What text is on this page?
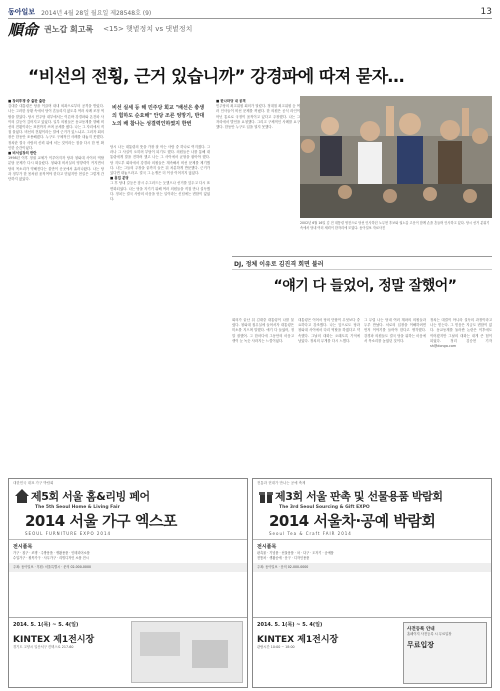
동아일보 2014년 4월 28일 월요일 제28548호 (9)	13
順命 권노갑 회고록 <15> 햇볕정치 vs 댓볕정치
“비선의 전횡, 근거 있습니까” 강경파에 따져 묻자…
■ 장외투쟁 중 출판 출판
김대중 대통령은 당을 이끌며 내내 외곽으로부터 공격을 받았다. 나는 그러한 상황 속에서 당이 흔들리지 않도록 여러 차례 조정 역할을 맡았다. 당시 민주당 내부에서는 이른바 강경파와 온건파 사이의 갈등이 깊어지고 있었다. 일부 의원들은 동교동계를 향해 비선의 전횡이라는 표현까지 쓰며 공세를 폈다. 나는 그 자리에서 직접 물었다. 비선의 전횡이라는 말에 근거가 있느냐고. 그러자 회의장은 한동안 조용해졌다. 누구도 구체적인 사례를 내놓지 못했다. 정치란 결국 사람의 신뢰 위에 서는 것이라는 점을 다시 한 번 확인한 순간이었다.
■ 비서실장의 반란
1998년 이후 정권 교체가 이루어지자 당과 청와대 사이의 역할 분담 문제가 다시 떠올랐다. 청와대 비서실의 영향력이 커지면서 당의 목소리가 약해진다는 불만이 곳곳에서 흘러나왔다. 나는 당과 정부가 한 몸처럼 움직여야 한다고 믿었지만 현실은 그렇게 간단하지 않았다.
당시 나는 대통령의 뜻을 가장 잘 아는 사람 중 하나로 여겨졌다. 그러나 그 사실이 오히려 부담이 되기도 했다. 의원들은 나를 통해 대통령에게 말을 전하려 했고 나는 그 사이에서 균형을 잡아야 했다. 당 지도부 회의에서 강경파 의원들은 계속해서 비선 문제를 제기했다. 나는 그들의 주장을 끝까지 들은 뒤 차분하게 반문했다. 근거가 있다면 내놓으라고. 결국 그 논쟁은 더 이상 이어지지 않았다.
■ 홍업 분당
그 후 당내 갈등은 잠시 수그러드는 듯했으나 선거를 앞두고 다시 표면화되었다. 나는 당을 지키기 위해 여러 의원들을 직접 만나 설득했다. 정치는 결국 사람의 마음을 얻는 일이라는 신념에는 변함이 없었다.
비선 실세 등 해 민주당 회교 "배선은 충생의 힘하도 순요해" 안당 조른 엉망기, 반대노의 배 참나는 성결력인하였지 한번
■ 한나라당 내 공격
민주당의 최고위원 회의가 열렸다. 정대철 최고위원 등 여러 인사들이 비선 문제를 꺼냈다. 한 의원은 공식 라인이 아닌 통로로 국정이 움직이고 있다고 주장했다. 나는 그 자리에서 발언을 요청했다. 그리고 구체적인 사례를 요구했다. 한동안 누구도 입을 열지 못했다.
2002년 6월 16일 김 전 대통령 영전으로 당선 인사하던 노무현 후보와 권노갑 고문이 함께 손을 흔들며 인사하고 있다. 당시 선거 분위기 속에서 당내 여러 세력이 한자리에 모였다. 동아일보 자료사진
DJ, 정체 이유로 김진격 회면 불러
“얘기 다 들었어, 정말 잘했어”
회의가 끝난 뒤 김대중 대통령이 나를 불렀다. 청와대 집무실에 들어서자 대통령은 미소를 지으며 말했다. 얘기 다 들었어, 정말 잘했어. 그 한마디에 그동안의 마음고생이 눈 녹듯 사라지는 느낌이었다.
대통령은 이어서 당의 단합이 무엇보다 중요하다고 강조했다. 나는 앞으로도 당과 청와대 사이에서 다리 역할을 하겠다고 약속했다. 그날의 대화는 오래도록 기억에 남았다. 정치의 무게를 다시 느꼈다.
그 무렵 나는 당내 여러 계파의 의원들과 두루 만났다. 서로의 입장을 이해하려면 먼저 이야기를 들어야 한다고 생각했다. 강경파 의원들도 결국 당을 위하는 마음에서 목소리를 높였던 것이다.
정치는 대결이 아니라 설득의 과정이라고 나는 믿는다. 그 믿음은 지금도 변함이 없다. 동교동계를 둘러싼 논란은 이후에도 이어졌지만 그날의 대화는 내게 큰 힘이 되었다. 정리 김승현 기자 sh@donga.com
대한민국 대표 가구 박람회
제5회 서울 홈&리빙 페어
The 5th Seoul Home & Living Fair
2014 서울 가구 엑스포
SEOUL FURNITURE EXPO 2014
전시품목
가구 · 침구 · 조명 · 주방용품 · 생활용품 · 인테리어소품
수입가구 · 원목가구 · 사무가구 · 리빙디자인 소품 전시
주최: 동아일보 · 후원: 서울특별시 · 문의 02-000-0000
2014. 5. 1(목) ~ 5. 4(일)
KINTEX 제1전시장
경기도 고양시 일산서구 킨텍스로 217-60
전통과 현대가 만나는 공예 축제
제3회 서울 판촉 및 선물용품 박람회
The 3rd Seoul Sourcing & Gift EXPO
2014 서울차·공예 박람회
Seoul Tea & Craft FAIR 2014
전시품목
판촉물 · 기념품 · 선물용품 · 차 · 다구 · 도자기 · 공예품
전통차 · 생활공예 · 문구 · 디자인용품
주최: 동아일보 · 문의 02-000-0000
2014. 5. 1(목) ~ 5. 4(일)
KINTEX 제1전시장
관람시간 10:00 ~ 18:00
사전등록 안내
홈페이지 사전등록 시 무료입장
무료입장
